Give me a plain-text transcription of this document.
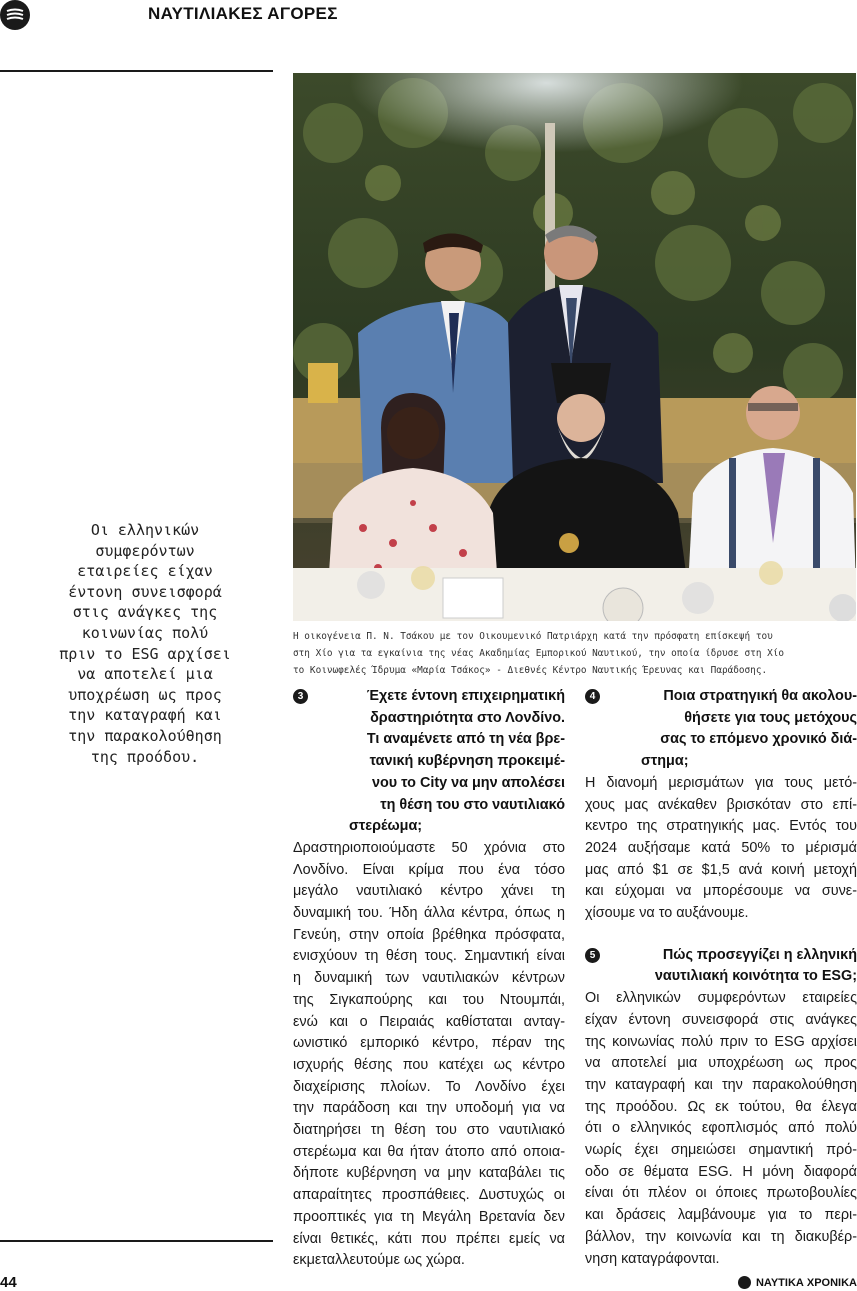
ΝΑΥΤΙΛΙΑΚΕΣ ΑΓΟΡΕΣ
Η οικογένεια Π. Ν. Τσάκου με τον Οικουμενικό Πατριάρχη κατά την πρόσφατη επίσκεψή του
στη Χίο για τα εγκαίνια της νέας Ακαδημίας Εμπορικού Ναυτικού, την οποία ίδρυσε στη Χίο
το Κοινωφελές Ίδρυμα «Μαρία Τσάκος» - Διεθνές Κέντρο Ναυτικής Έρευνας και Παράδοσης.
Οι ελληνικών
συμφερόντων
εταιρείες είχαν
έντονη συνεισφορά
στις ανάγκες της
κοινωνίας πολύ
πριν το ESG αρχίσει
να αποτελεί μια
υποχρέωση ως προς
την καταγραφή και
την παρακολούθηση
της προόδου.
3	Έχετε έντονη επιχειρηματική
δραστηριότητα στο Λονδίνο.
Τι αναμένετε από τη νέα βρε-
τανική κυβέρνηση προκειμέ-
νου το City να μην απολέσει
τη θέση του στο ναυτιλιακό
στερέωμα;
Δραστηριοποιούμαστε 50 χρόνια στο
Λονδίνο. Είναι κρίμα που ένα τόσο
μεγάλο ναυτιλιακό κέντρο χάνει τη
δυναμική του. Ήδη άλλα κέντρα, όπως η
Γενεύη, στην οποία βρέθηκα πρόσφατα,
ενισχύουν τη θέση τους. Σημαντική είναι
η δυναμική των ναυτιλιακών κέντρων
της Σιγκαπούρης και του Ντουμπάι,
ενώ και ο Πειραιάς καθίσταται ανταγ-
ωνιστικό εμπορικό κέντρο, πέραν της
ισχυρής θέσης που κατέχει ως κέντρο
διαχείρισης πλοίων. Το Λονδίνο έχει
την παράδοση και την υποδομή για να
διατηρήσει τη θέση του στο ναυτιλιακό
στερέωμα και θα ήταν άτοπο από οποια-
δήποτε κυβέρνηση να μην καταβάλει τις
απαραίτητες προσπάθειες. Δυστυχώς οι
προοπτικές για τη Μεγάλη Βρετανία δεν
είναι θετικές, κάτι που πρέπει εμείς να
εκμεταλλευτούμε ως χώρα.
4	Ποια στρατηγική θα ακολου-
θήσετε για τους μετόχους
σας το επόμενο χρονικό διά-
στημα;
Η διανομή μερισμάτων για τους μετό-
χους μας ανέκαθεν βρισκόταν στο επί-
κεντρο της στρατηγικής μας. Εντός του
2024 αυξήσαμε κατά 50% το μέρισμά
μας από $1 σε $1,5 ανά κοινή μετοχή
και εύχομαι να μπορέσουμε να συνε-
χίσουμε να το αυξάνουμε.
5	Πώς προσεγγίζει η ελληνική
ναυτιλιακή κοινότητα το ESG;
Οι ελληνικών συμφερόντων εταιρείες
είχαν έντονη συνεισφορά στις ανάγκες
της κοινωνίας πολύ πριν το ESG αρχίσει
να αποτελεί μια υποχρέωση ως προς
την καταγραφή και την παρακολούθηση
της προόδου. Ως εκ τούτου, θα έλεγα
ότι ο ελληνικός εφοπλισμός από πολύ
νωρίς έχει σημειώσει σημαντική πρό-
οδο σε θέματα ESG. Η μόνη διαφορά
είναι ότι πλέον οι όποιες πρωτοβουλίες
και δράσεις λαμβάνουμε για το περι-
βάλλον, την κοινωνία και τη διακυβέρ-
νηση καταγράφονται.
44	ΝΑΥΤΙΚΑ ΧΡΟΝΙΚΑ
